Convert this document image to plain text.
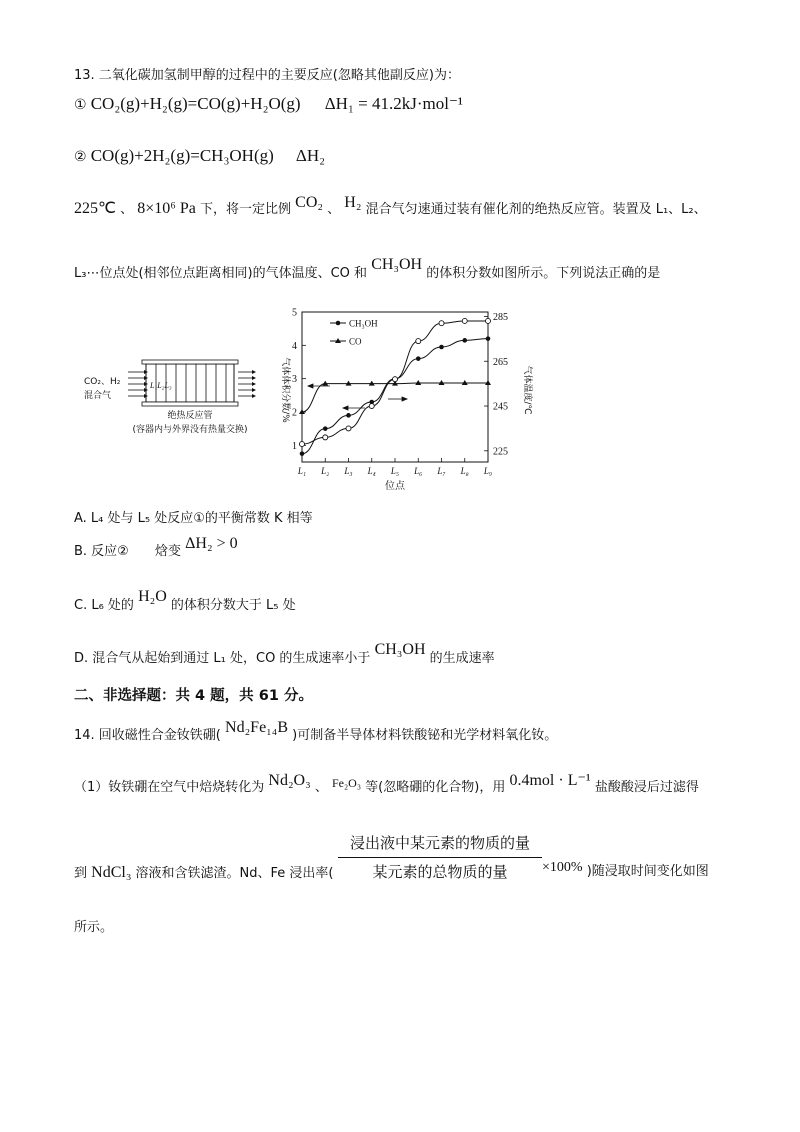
13. 二氧化碳加氢制甲醇的过程中的主要反应(忽略其他副反应)为：
① CO₂(g)+H₂(g)=CO(g)+H₂O(g) ΔH₁ = 41.2kJ·mol⁻¹
② CO(g)+2H₂(g)=CH₃OH(g) ΔH₂
225℃ 、 8×10⁶ Pa 下，将一定比例 CO₂ 、 H₂ 混合气匀速通过装有催化剂的绝热反应管。装置及 L₁、L₂、
L₃⋯位点处(相邻位点距离相同)的气体温度、CO 和 CH₃OH 的体积分数如图所示。下列说法正确的是
CO₂、H₂
混合气
L₁L₂L₃
绝热反应管
(容器内与外界没有热量交换)
1
2
3
4
5
225
245
265
285
L₁ L₂ L₃ L₄ L₅ L₆ L₇ L₈ L₉
气体体积分数/%	气体温度/℃
位点
CH₃OH
CO
A. L₄ 处与 L₅ 处反应①的平衡常数 K 相等
B. 反应② 焓变 ΔH₂ > 0
C. L₆ 处的 H₂O 的体积分数大于 L₅ 处
D. 混合气从起始到通过 L₁ 处，CO 的生成速率小于 CH₃OH 的生成速率
二、非选择题：共 4 题，共 61 分。
14. 回收磁性合金钕铁硼( Nd₂Fe₁₄B )可制备半导体材料铁酸铋和光学材料氧化钕。
（1）钕铁硼在空气中焙烧转化为 Nd₂O₃ 、 Fe₂O₃ 等(忽略硼的化合物)，用 0.4mol · L⁻¹ 盐酸酸浸后过滤得
到 NdCl₃ 溶液和含铁滤渣。Nd、Fe 浸出率(
浸出液中某元素的物质的量
某元素的总物质的量	×100% )随浸取时间变化如图
所示。
